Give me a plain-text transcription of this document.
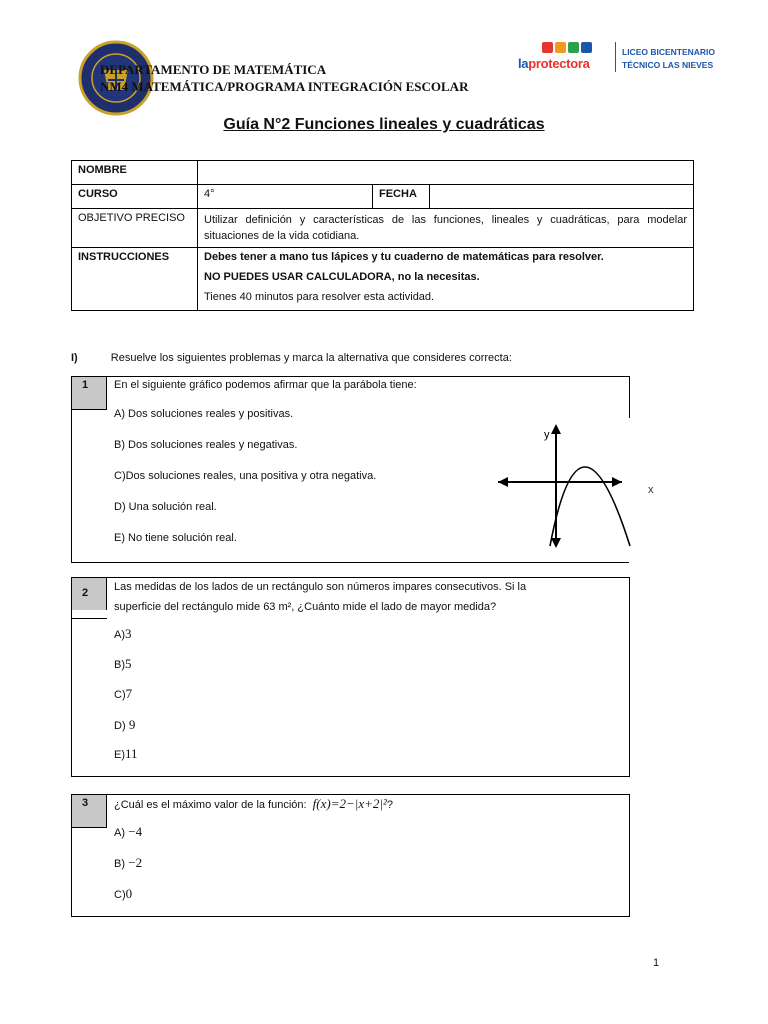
DEPARTAMENTO DE MATEMÁTICA
NM4 MATEMÁTICA/PROGRAMA INTEGRACIÓN ESCOLAR
laprotectora
LICEO BICENTENARIO
TÉCNICO LAS NIEVES
Guía N°2 Funciones lineales y cuadráticas
NOMBRE			
CURSO	4°	FECHA	
OBJETIVO PRECISO	Utilizar definición y características de las funciones, lineales y cuadráticas, para modelar situaciones de la vida cotidiana.		
INSTRUCCIONES	Debes tener a mano tus lápices y tu cuaderno de matemáticas para resolver.

NO PUEDES USAR CALCULADORA, no la necesitas.

Tienes 40 minutos para resolver esta actividad.		

I)	Resuelve los siguientes problemas y marca la alternativa que consideres correcta:
1 En el siguiente gráfico podemos afirmar que la parábola tiene:
A) Dos soluciones reales y positivas.
B) Dos soluciones reales y negativas.
C)Dos soluciones reales, una positiva y otra negativa.
D) Una solución real.
E) No tiene solución real.
y
x
2 Las medidas de los lados de un rectángulo son números impares consecutivos. Si la
superficie del rectángulo mide 63 m², ¿Cuánto mide el lado de mayor medida?
A)3
B)5
C)7
D) 9
E)11
3 ¿Cuál es el máximo valor de la función: f(x)=2−|x+2|²?
A) −4
B) −2
C)0
1
